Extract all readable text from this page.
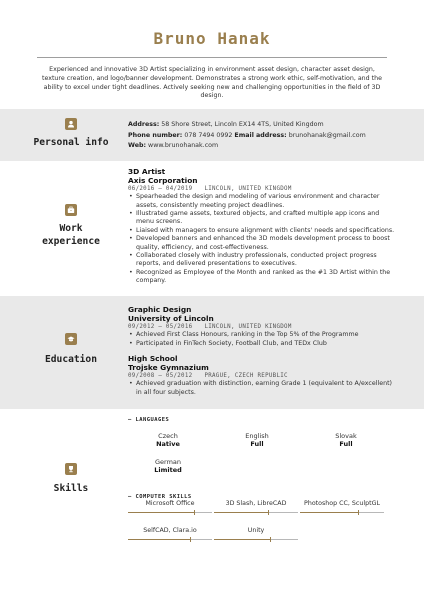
Bruno Hanak
Experienced and innovative 3D Artist specializing in environment asset design, character asset design, texture creation, and logo/banner development. Demonstrates a strong work ethic, self-motivation, and the ability to excel under tight deadlines. Actively seeking new and challenging opportunities in the field of 3D design.
Personal info
Address: 58 Shore Street, Lincoln EX14 4TS, United Kingdom
Phone number: 078 7494 0992 Email address: brunohanak@gmail.com
Web: www.brunohanak.com
Work
experience
3D Artist
Axis Corporation
06/2016 – 04/2019 LINCOLN, UNITED KINGDOM
• Spearheaded the design and modeling of various environment and character assets, consistently meeting project deadlines.
• Illustrated game assets, textured objects, and crafted multiple app icons and menu screens.
• Liaised with managers to ensure alignment with clients' needs and specifications.
• Developed banners and enhanced the 3D models development process to boost quality, efficiency, and cost-effectiveness.
• Collaborated closely with industry professionals, conducted project progress reports, and delivered presentations to executives.
• Recognized as Employee of the Month and ranked as the #1 3D Artist within the company.
Education
Graphic Design
University of Lincoln
09/2012 – 05/2016 LINCOLN, UNITED KINGDOM
• Achieved First Class Honours, ranking in the Top 5% of the Programme
• Participated in FinTech Society, Football Club, and TEDx Club
High School
Trojske Gymnazium
09/2008 – 05/2012 PRAGUE, CZECH REPUBLIC
• Achieved graduation with distinction, earning Grade 1 (equivalent to A/excellent) in all four subjects.
Skills
– LANGUAGES
Czech
Native
English
Full
Slovak
Full
German
Limited
– COMPUTER SKILLS
Microsoft Office	3D Slash, LibreCAD	Photoshop CC, SculptGL
SelfCAD, Clara.io	Unity
